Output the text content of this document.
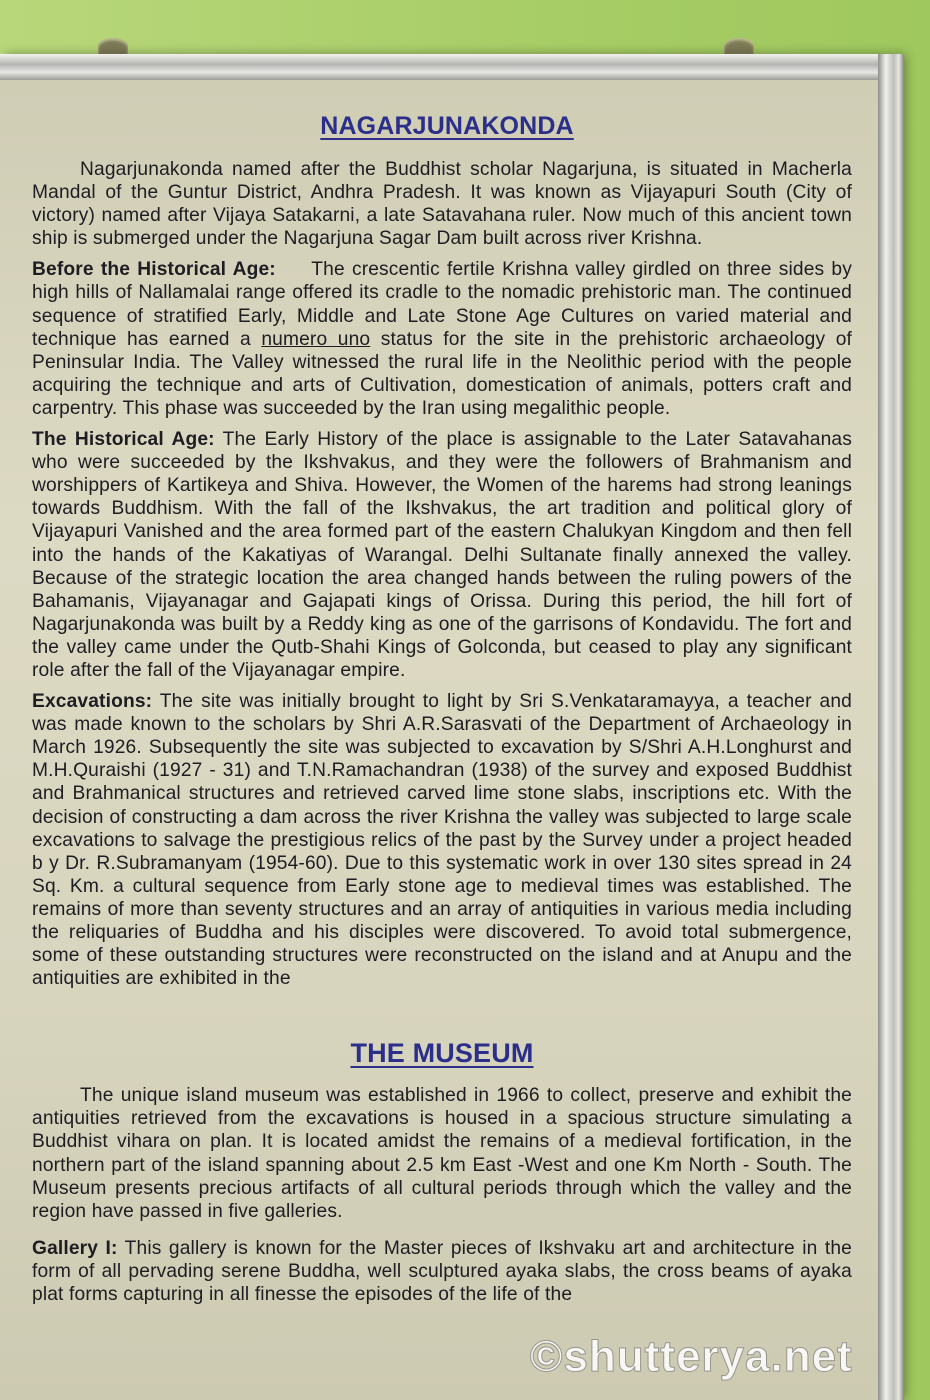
NAGARJUNAKONDA

Nagarjunakonda named after the Buddhist scholar Nagarjuna, is situated in Macherla Mandal of the Guntur District, Andhra Pradesh. It was known as Vijayapuri South (City of victory) named after Vijaya Satakarni, a late Satavahana ruler. Now much of this ancient town ship is submerged under the Nagarjuna Sagar Dam built across river Krishna.

Before the Historical Age: The crescentic fertile Krishna valley girdled on three sides by high hills of Nallamalai range offered its cradle to the nomadic prehistoric man. The continued sequence of stratified Early, Middle and Late Stone Age Cultures on varied material and technique has earned a numero uno status for the site in the prehistoric archaeology of Peninsular India. The Valley witnessed the rural life in the Neolithic period with the people acquiring the technique and arts of Cultivation, domestication of animals, potters craft and carpentry. This phase was succeeded by the Iran using megalithic people.

The Historical Age: The Early History of the place is assignable to the Later Satavahanas who were succeeded by the Ikshvakus, and they were the followers of Brahmanism and worshippers of Kartikeya and Shiva. However, the Women of the harems had strong leanings towards Buddhism. With the fall of the Ikshvakus, the art tradition and political glory of Vijayapuri Vanished and the area formed part of the eastern Chalukyan Kingdom and then fell into the hands of the Kakatiyas of Warangal. Delhi Sultanate finally annexed the valley. Because of the strategic location the area changed hands between the ruling powers of the Bahamanis, Vijayanagar and Gajapati kings of Orissa. During this period, the hill fort of Nagarjunakonda was built by a Reddy king as one of the garrisons of Kondavidu. The fort and the valley came under the Qutb-Shahi Kings of Golconda, but ceased to play any significant role after the fall of the Vijayanagar empire.

Excavations: The site was initially brought to light by Sri S.Venkataramayya, a teacher and was made known to the scholars by Shri A.R.Sarasvati of the Department of Archaeology in March 1926. Subsequently the site was subjected to excavation by S/Shri A.H.Longhurst and M.H.Quraishi (1927 - 31) and T.N.Ramachandran (1938) of the survey and exposed Buddhist and Brahmanical structures and retrieved carved lime stone slabs, inscriptions etc. With the decision of constructing a dam across the river Krishna the valley was subjected to large scale excavations to salvage the prestigious relics of the past by the Survey under a project headed b y Dr. R.Subramanyam (1954-60). Due to this systematic work in over 130 sites spread in 24 Sq. Km. a cultural sequence from Early stone age to medieval times was established. The remains of more than seventy structures and an array of antiquities in various media including the reliquaries of Buddha and his disciples were discovered. To avoid total submergence, some of these outstanding structures were reconstructed on the island and at Anupu and the antiquities are exhibited in the

THE MUSEUM

The unique island museum was established in 1966 to collect, preserve and exhibit the antiquities retrieved from the excavations is housed in a spacious structure simulating a Buddhist vihara on plan. It is located amidst the remains of a medieval fortification, in the northern part of the island spanning about 2.5 km East -West and one Km North - South. The Museum presents precious artifacts of all cultural periods through which the valley and the region have passed in five galleries.

Gallery I: This gallery is known for the Master pieces of Ikshvaku art and architecture in the form of all pervading serene Buddha, well sculptured ayaka slabs, the cross beams of ayaka plat forms capturing in all finesse the episodes of the life of the

©shutterya.net
